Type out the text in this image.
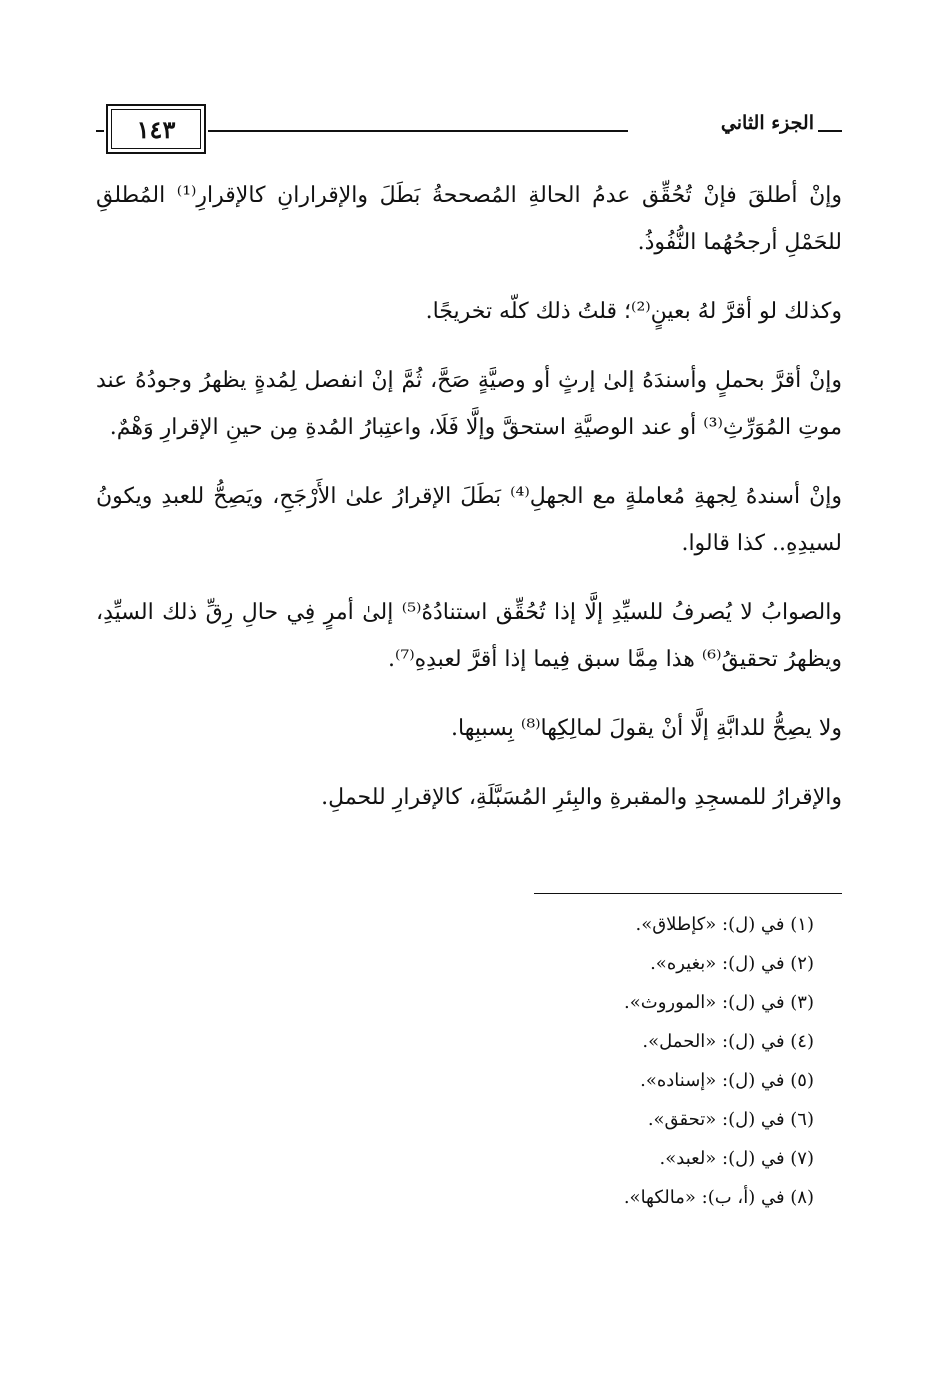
١٤٣	الجزء الثاني

وإنْ أطلقَ فإنْ تُحُقِّق عدمُ الحالةِ المُصححةُ بَطَلَ والإقرارانِ كالإقرارِ⁽¹⁾ المُطلقِ للحَمْلِ أرجحُهُما النُّفُوذُ.

وكذلك لو أقرَّ لهُ بعينٍ⁽²⁾؛ قلتُ ذلك كلّه تخريجًا.

وإنْ أقرَّ بحملٍ وأسندَهُ إلىٰ إرثٍ أو وصيَّةٍ صَحَّ، ثُمَّ إنْ انفصل لِمُدةٍ يظهرُ وجودُهُ عند موتِ المُوَرِّثِ⁽³⁾ أو عند الوصيَّةِ استحقَّ وإلَّا فَلَا، واعتِبارُ المُدةِ مِن حينِ الإقرارِ وَهْمٌ.

وإنْ أسندهُ لِجهةِ مُعاملةٍ مع الجهلِ⁽⁴⁾ بَطَلَ الإقرارُ علىٰ الأَرْجَحِ، ويَصِحُّ للعبدِ ويكونُ لسيدِهِ.. كذا قالوا.

والصوابُ لا يُصرفُ للسيِّدِ إلَّا إذا تُحُقِّق استنادُهُ⁽⁵⁾ إلىٰ أمرٍ فِي حالِ رِقِّ ذلك السيِّدِ، ويظهرُ تحقيقُ⁽⁶⁾ هذا مِمَّا سبق فِيما إذا أقرَّ لعبدِهِ⁽⁷⁾.

ولا يصِحُّ للدابَّةِ إلَّا أنْ يقولَ لمالِكِها⁽⁸⁾ بِسببِها.

والإقرارُ للمسجِدِ والمقبرةِ والبِئرِ المُسَبَّلَةِ، كالإقرارِ للحملِ.

(١) في (ل): «كإطلاق».
(٢) في (ل): «بغيره».
(٣) في (ل): «الموروث».
(٤) في (ل): «الحمل».
(٥) في (ل): «إسناده».
(٦) في (ل): «تحقق».
(٧) في (ل): «لعبد».
(٨) في (أ، ب): «مالكها».
